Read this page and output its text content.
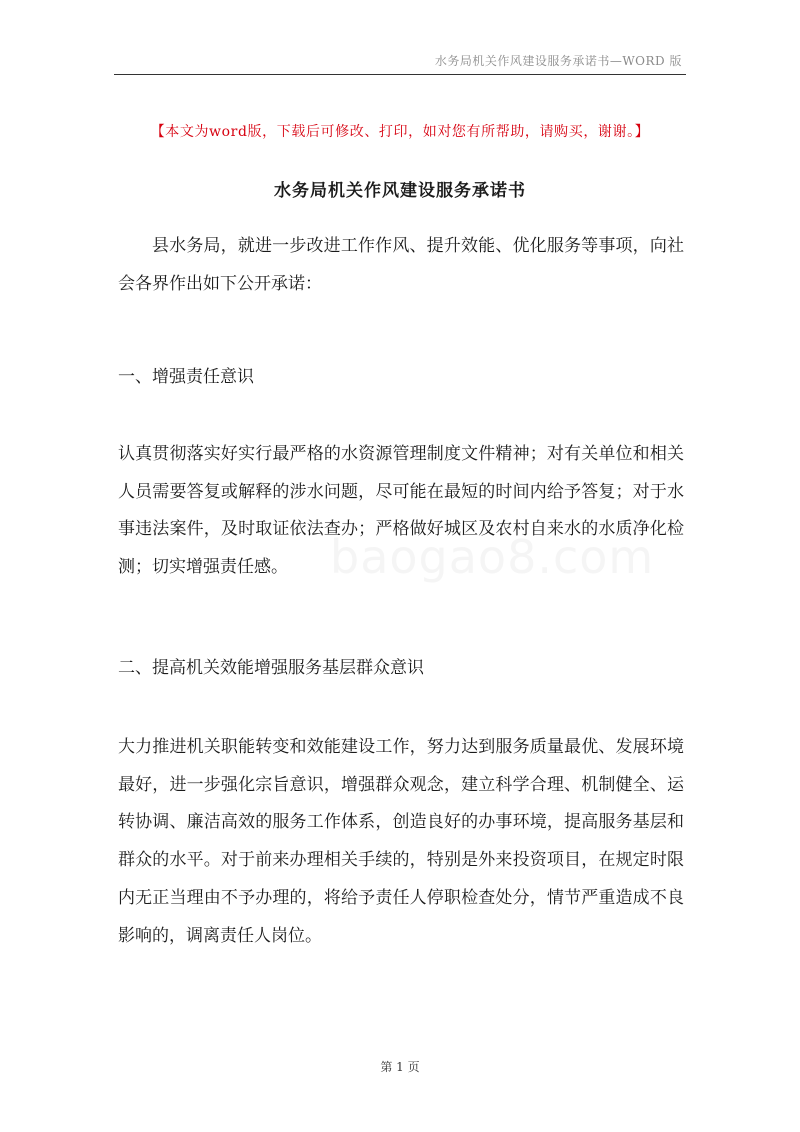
水务局机关作风建设服务承诺书—WORD 版
【本文为word版，下载后可修改、打印，如对您有所帮助，请购买，谢谢。】
水务局机关作风建设服务承诺书

县水务局，就进一步改进工作作风、提升效能、优化服务等事项，向社会各界作出如下公开承诺：

一、增强责任意识

认真贯彻落实好实行最严格的水资源管理制度文件精神；对有关单位和相关人员需要答复或解释的涉水问题，尽可能在最短的时间内给予答复；对于水事违法案件，及时取证依法查办；严格做好城区及农村自来水的水质净化检测；切实增强责任感。

二、提高机关效能增强服务基层群众意识

大力推进机关职能转变和效能建设工作，努力达到服务质量最优、发展环境最好，进一步强化宗旨意识，增强群众观念，建立科学合理、机制健全、运转协调、廉洁高效的服务工作体系，创造良好的办事环境，提高服务基层和群众的水平。对于前来办理相关手续的，特别是外来投资项目，在规定时限内无正当理由不予办理的，将给予责任人停职检查处分，情节严重造成不良影响的，调离责任人岗位。

baogao8.com
第 1 页
